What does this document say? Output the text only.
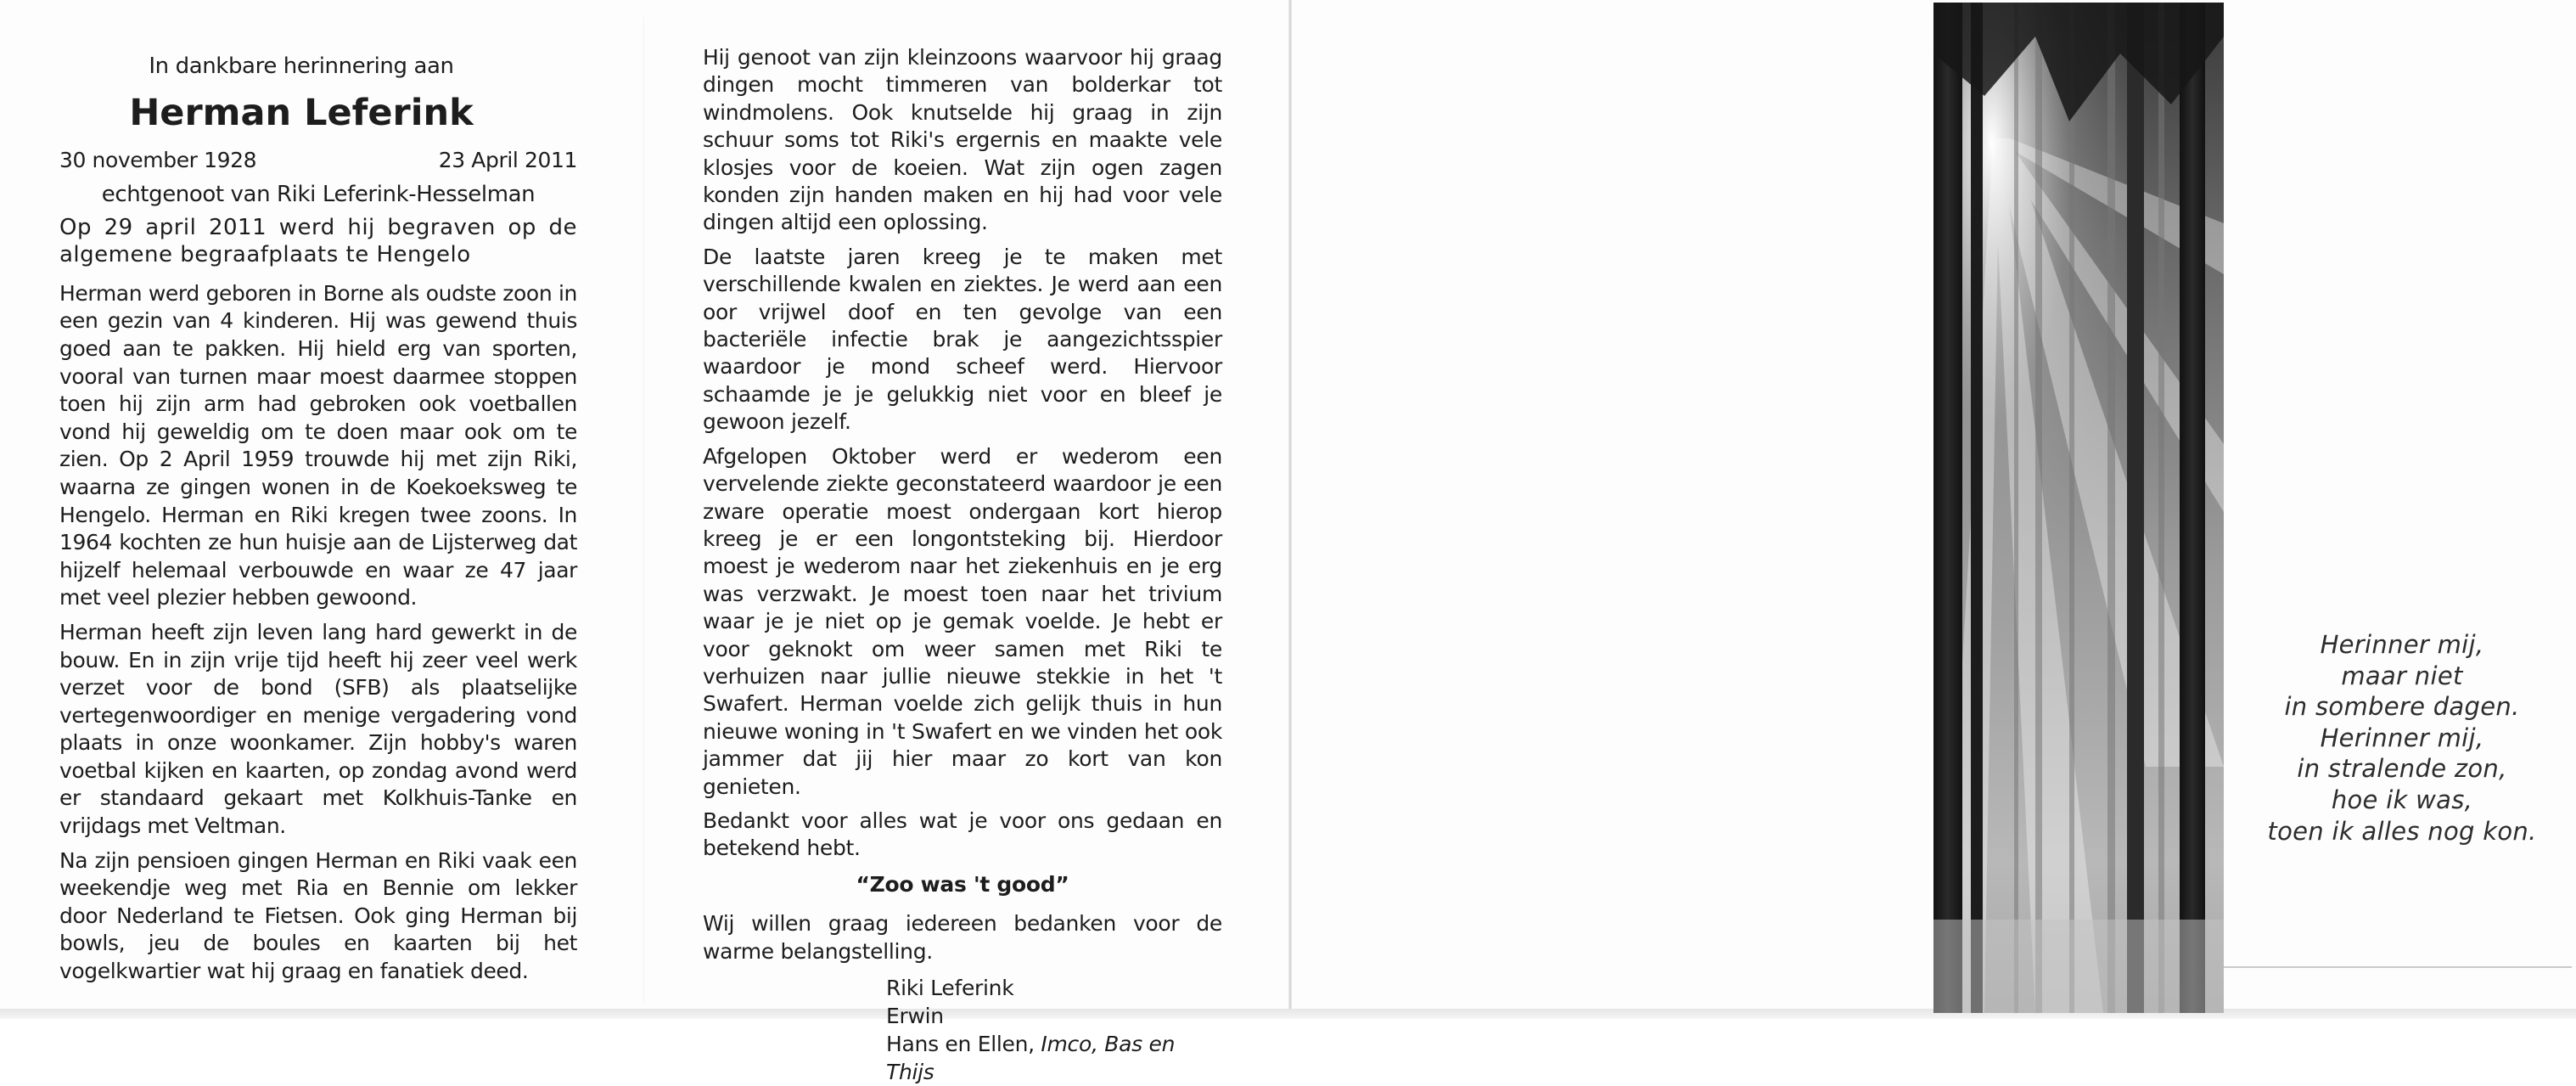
In dankbare herinnering aan
Herman Leferink
30 november 1928	23 April 2011
echtgenoot van Riki Leferink-Hesselman

Op 29 april 2011 werd hij begraven op de algemene begraafplaats te Hengelo

Herman werd geboren in Borne als oudste zoon in een gezin van 4 kinderen. Hij was gewend thuis goed aan te pakken. Hij hield erg van sporten, vooral van turnen maar moest daarmee stoppen toen hij zijn arm had gebroken ook voetballen vond hij geweldig om te doen maar ook om te zien. Op 2 April 1959 trouwde hij met zijn Riki, waarna ze gingen wonen in de Koekoeksweg te Hengelo. Herman en Riki kregen twee zoons. In 1964 kochten ze hun huisje aan de Lijsterweg dat hijzelf helemaal verbouwde en waar ze 47 jaar met veel plezier hebben gewoond.

Herman heeft zijn leven lang hard gewerkt in de bouw. En in zijn vrije tijd heeft hij zeer veel werk verzet voor de bond (SFB) als plaatselijke vertegenwoordiger en menige vergadering vond plaats in onze woonkamer. Zijn hobby's waren voetbal kijken en kaarten, op zondag avond werd er standaard gekaart met Kolkhuis-Tanke en vrijdags met Veltman.

Na zijn pensioen gingen Herman en Riki vaak een weekendje weg met Ria en Bennie om lekker door Nederland te Fietsen. Ook ging Herman bij bowls, jeu de boules en kaarten bij het vogelkwartier wat hij graag en fanatiek deed.

Hij genoot van zijn kleinzoons waarvoor hij graag dingen mocht timmeren van bolderkar tot windmolens. Ook knutselde hij graag in zijn schuur soms tot Riki's ergernis en maakte vele klosjes voor de koeien. Wat zijn ogen zagen konden zijn handen maken en hij had voor vele dingen altijd een oplossing.

De laatste jaren kreeg je te maken met verschillende kwalen en ziektes. Je werd aan een oor vrijwel doof en ten gevolge van een bacteriële infectie brak je aangezichtsspier waardoor je mond scheef werd. Hiervoor schaamde je je gelukkig niet voor en bleef je gewoon jezelf.

Afgelopen Oktober werd er wederom een vervelende ziekte geconstateerd waardoor je een zware operatie moest ondergaan kort hierop kreeg je er een longontsteking bij. Hierdoor moest je wederom naar het ziekenhuis en je erg was verzwakt. Je moest toen naar het trivium waar je je niet op je gemak voelde. Je hebt er voor geknokt om weer samen met Riki te verhuizen naar jullie nieuwe stekkie in het 't Swafert. Herman voelde zich gelijk thuis in hun nieuwe woning in 't Swafert en we vinden het ook jammer dat jij hier maar zo kort van kon genieten.

Bedankt voor alles wat je voor ons gedaan en betekend hebt.

“Zoo was 't good”

Wij willen graag iedereen bedanken voor de warme belangstelling.

Riki Leferink
Erwin
Hans en Ellen, Imco, Bas en Thijs
Herinner mij,
maar niet
in sombere dagen.
Herinner mij,
in stralende zon,
hoe ik was,
toen ik alles nog kon.
